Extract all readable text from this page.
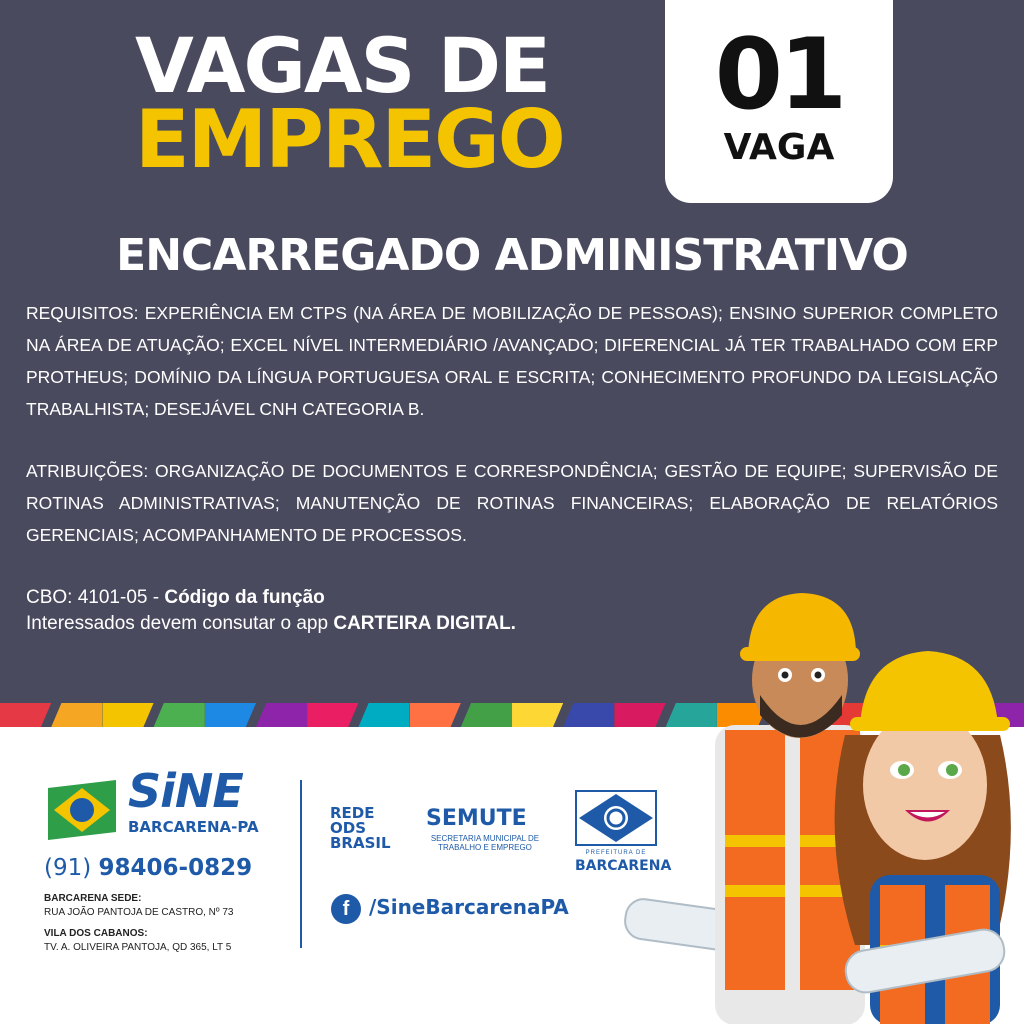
VAGAS DE
EMPREGO
01
VAGA
ENCARREGADO ADMINISTRATIVO
REQUISITOS: EXPERIÊNCIA EM CTPS (NA ÁREA DE MOBILIZAÇÃO DE PESSOAS); ENSINO SUPERIOR COMPLETO NA ÁREA DE ATUAÇÃO; EXCEL NÍVEL INTERMEDIÁRIO /AVANÇADO; DIFERENCIAL JÁ TER TRABALHADO COM ERP PROTHEUS; DOMÍNIO DA LÍNGUA PORTUGUESA ORAL E ESCRITA; CONHECIMENTO PROFUNDO DA LEGISLAÇÃO TRABALHISTA; DESEJÁVEL CNH CATEGORIA B.
ATRIBUIÇÕES: ORGANIZAÇÃO DE DOCUMENTOS E CORRESPONDÊNCIA; GESTÃO DE EQUIPE; SUPERVISÃO DE ROTINAS ADMINISTRATIVAS; MANUTENÇÃO DE ROTINAS FINANCEIRAS; ELABORAÇÃO DE RELATÓRIOS GERENCIAIS; ACOMPANHAMENTO DE PROCESSOS.
CBO: 4101-05 - Código da função
Interessados devem consutar o app CARTEIRA DIGITAL.
SiNE
BARCARENA-PA
(91) 98406-0829
BARCARENA SEDE:
RUA JOÃO PANTOJA DE CASTRO, Nº 73
VILA DOS CABANOS:
TV. A. OLIVEIRA PANTOJA, QD 365, LT 5
REDE
ODS
BRASIL
SEMUTE
SECRETARIA MUNICIPAL DE TRABALHO E EMPREGO
PREFEITURA DE
BARCARENA
f /SineBarcarenaPA
